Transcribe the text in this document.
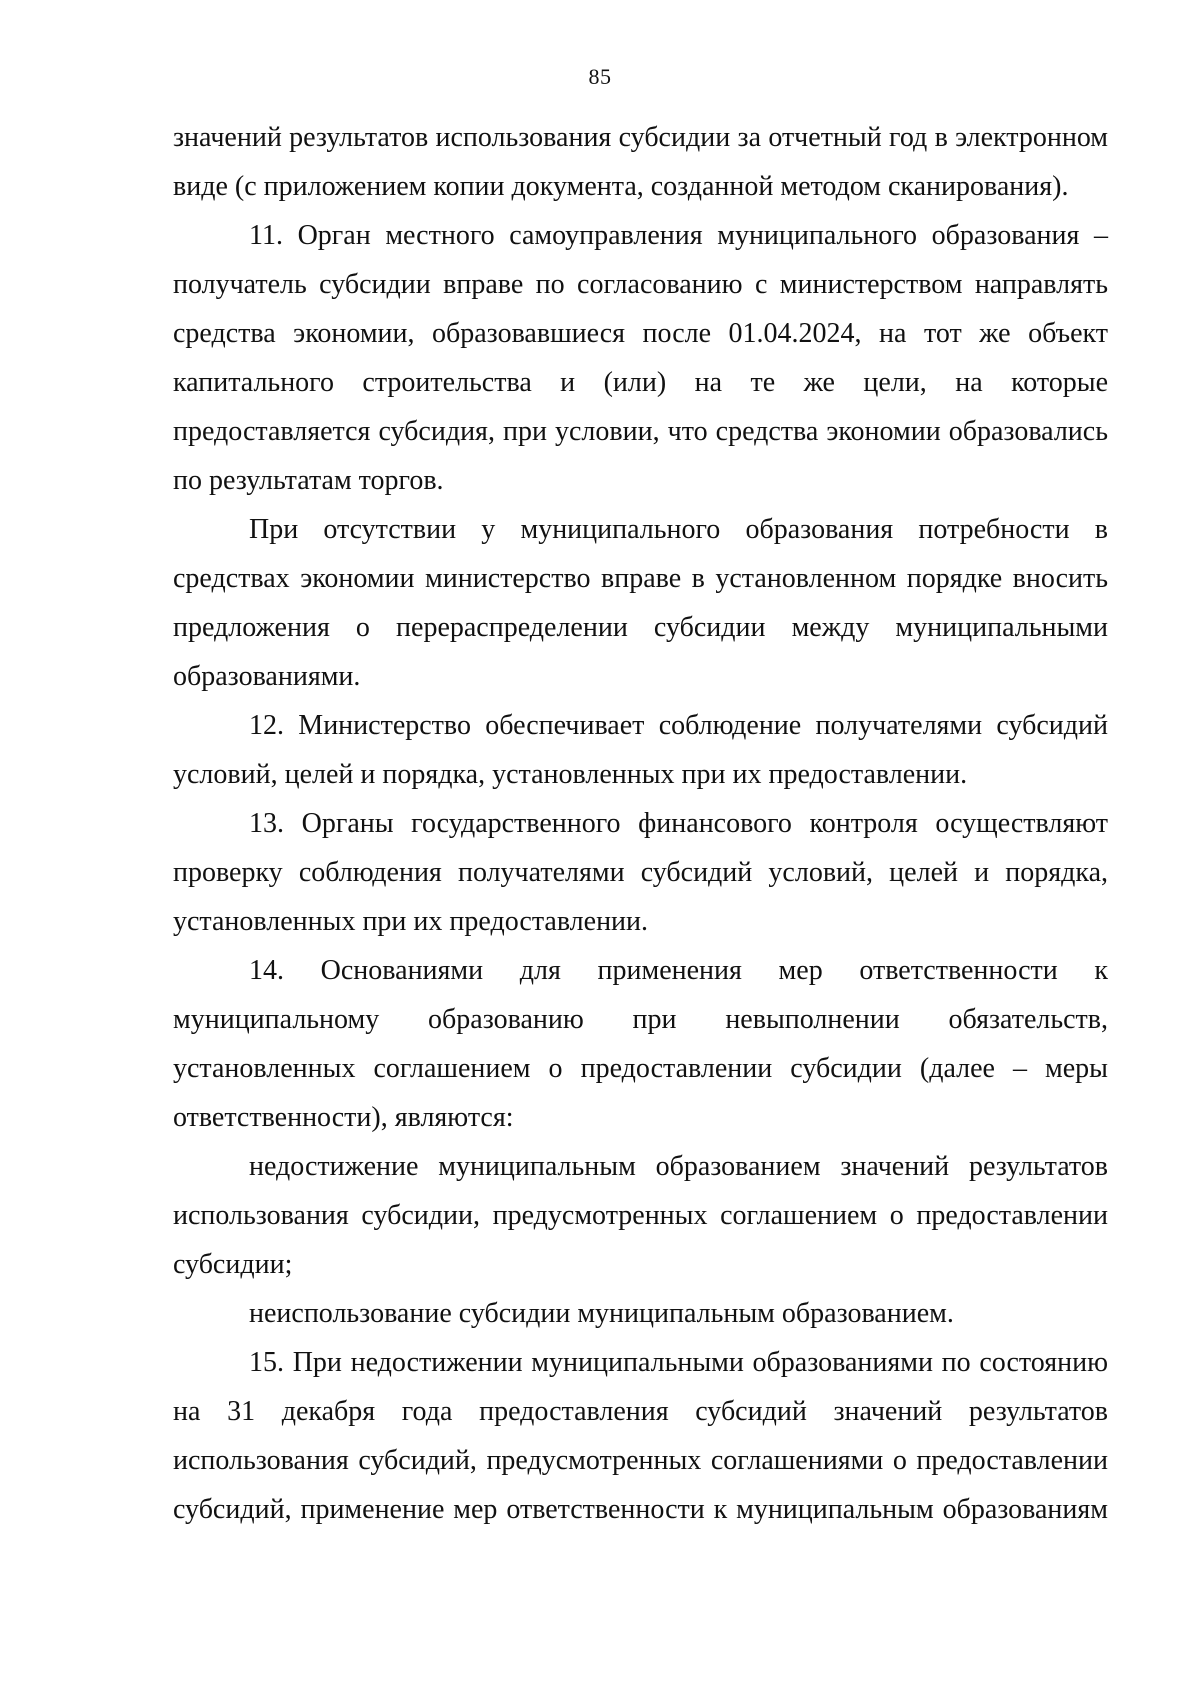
85

значений результатов использования субсидии за отчетный год в электронном виде (с приложением копии документа, созданной методом сканирования).

11. Орган местного самоуправления муниципального образования – получатель субсидии вправе по согласованию с министерством направлять средства экономии, образовавшиеся после 01.04.2024, на тот же объект капитального строительства и (или) на те же цели, на которые предоставляется субсидия, при условии, что средства экономии образовались по результатам торгов.

При отсутствии у муниципального образования потребности в средствах экономии министерство вправе в установленном порядке вносить предложения о перераспределении субсидии между муниципальными образованиями.

12. Министерство обеспечивает соблюдение получателями субсидий условий, целей и порядка, установленных при их предоставлении.

13. Органы государственного финансового контроля осуществляют проверку соблюдения получателями субсидий условий, целей и порядка, установленных при их предоставлении.

14. Основаниями для применения мер ответственности к муниципальному образованию при невыполнении обязательств, установленных соглашением о предоставлении субсидии (далее – меры ответственности), являются:

недостижение муниципальным образованием значений результатов использования субсидии, предусмотренных соглашением о предоставлении субсидии;

неиспользование субсидии муниципальным образованием.

15. При недостижении муниципальными образованиями по состоянию на 31 декабря года предоставления субсидий значений результатов использования субсидий, предусмотренных соглашениями о предоставлении субсидий, применение мер ответственности к муниципальным образованиям
